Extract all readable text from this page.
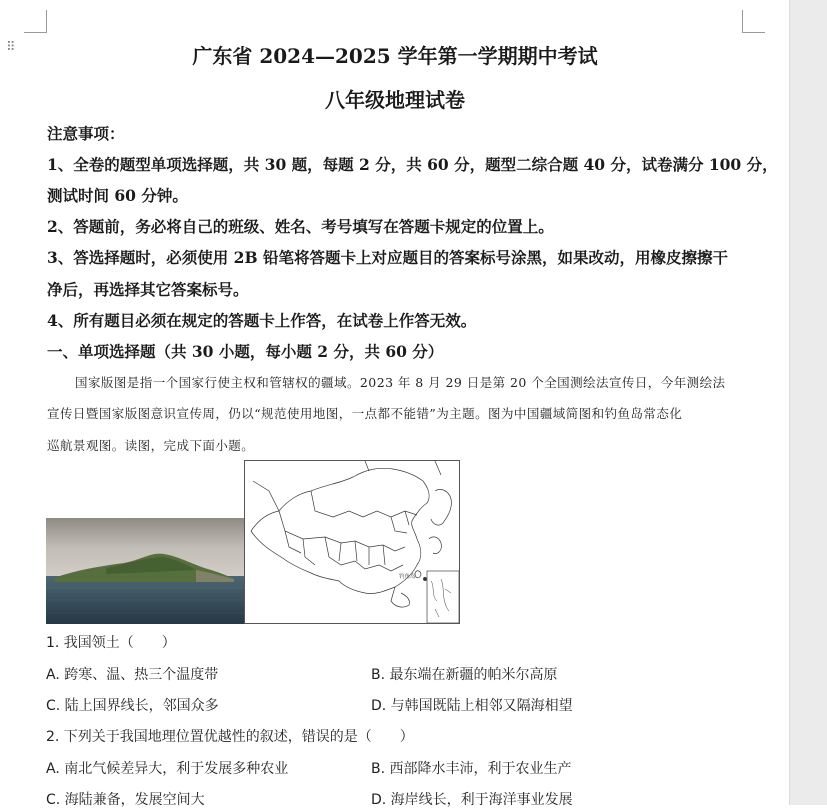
⠿	广东省 2024—2025 学年第一学期期中考试
八年级地理试卷
注意事项：
1、全卷的题型单项选择题，共 30 题，每题 2 分，共 60 分，题型二综合题 40 分，试卷满分 100 分，
测试时间 60 分钟。
2、答题前，务必将自己的班级、姓名、考号填写在答题卡规定的位置上。
3、答选择题时，必须使用 2B 铅笔将答题卡上对应题目的答案标号涂黑，如果改动，用橡皮擦擦干
净后，再选择其它答案标号。
4、所有题目必须在规定的答题卡上作答，在试卷上作答无效。
一、单项选择题（共 30 小题，每小题 2 分，共 60 分）
国家版图是指一个国家行使主权和管辖权的疆域。2023 年 8 月 29 日是第 20 个全国测绘法宣传日，今年测绘法
宣传日暨国家版图意识宣传周，仍以“规范使用地图，一点都不能错”为主题。图为中国疆域简图和钓鱼岛常态化
巡航景观图。读图，完成下面小题。
钓鱼岛
1. 我国领土（　　）
A. 跨寒、温、热三个温度带	B. 最东端在新疆的帕米尔高原
C. 陆上国界线长，邻国众多	D. 与韩国既陆上相邻又隔海相望
2. 下列关于我国地理位置优越性的叙述，错误的是（　　）
A. 南北气候差异大，利于发展多种农业	B. 西部降水丰沛，利于农业生产
C. 海陆兼备，发展空间大	D. 海岸线长，利于海洋事业发展
